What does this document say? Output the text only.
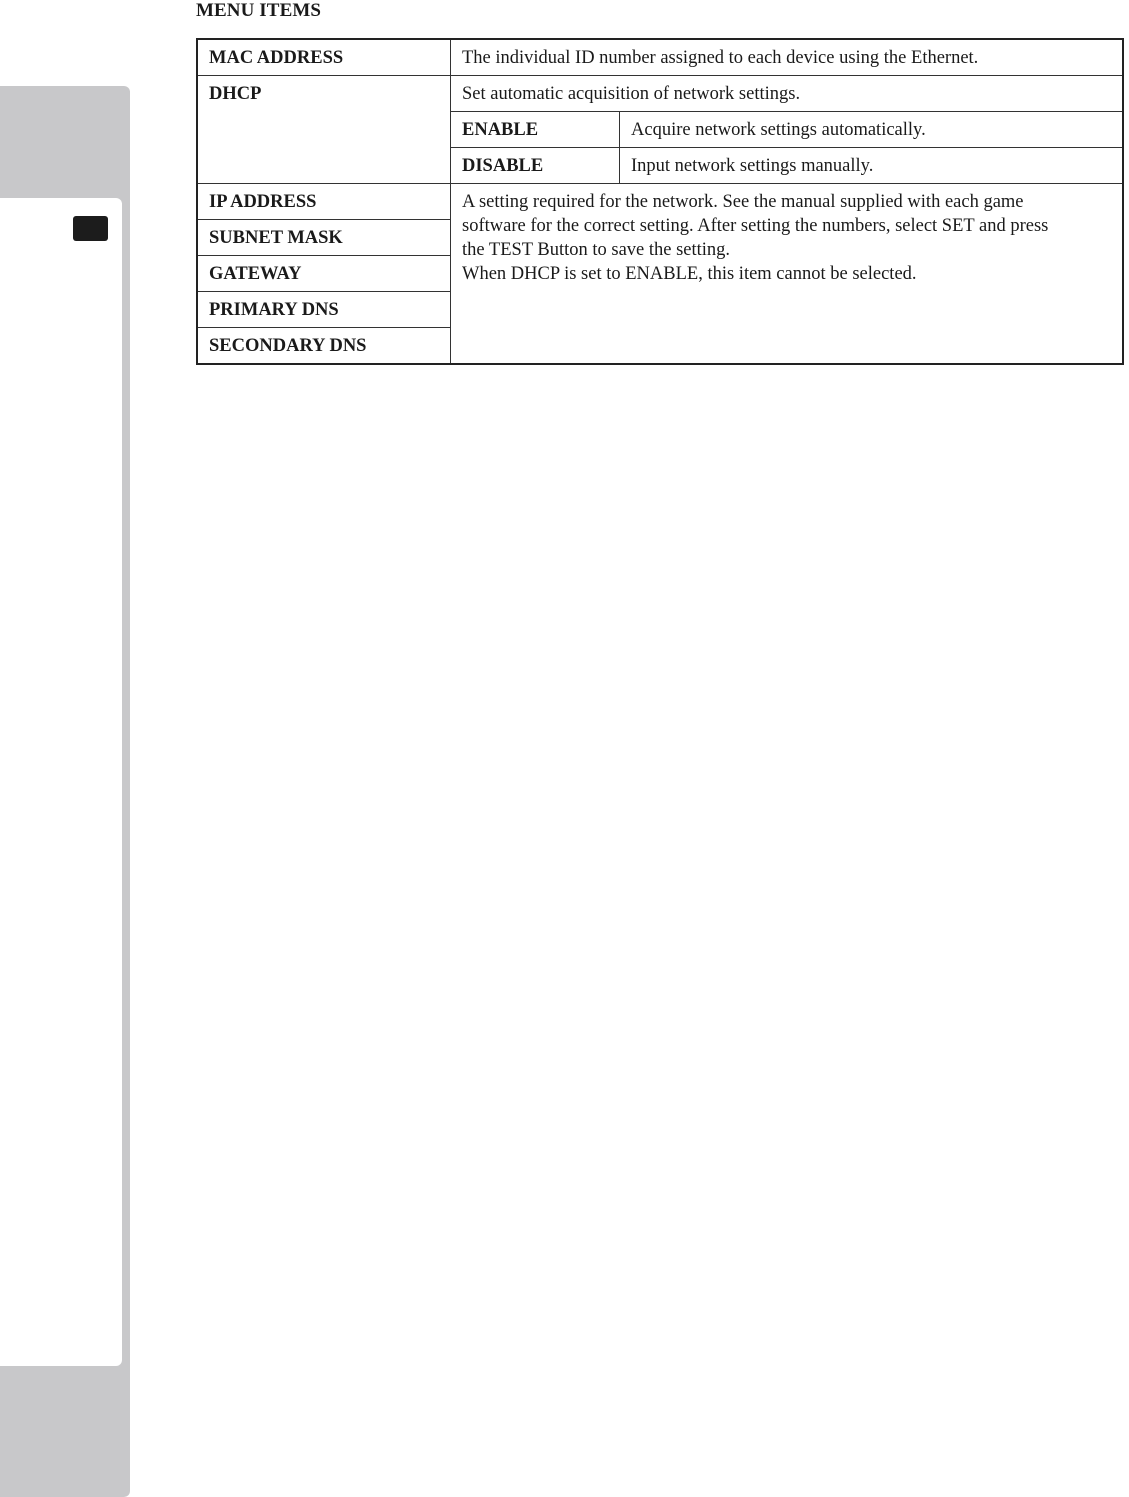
MENU ITEMS
MAC ADDRESS	The individual ID number assigned to each device using the Ethernet.	
DHCP	Set automatic acquisition of network settings.	
	ENABLE	Acquire network settings automatically.
	DISABLE	Input network settings manually.
IP ADDRESS	A setting required for the network. See the manual supplied with each game
software for the correct setting. After setting the numbers, select SET and press
the TEST Button to save the setting.
When DHCP is set to ENABLE, this item cannot be selected.	

SUBNET MASK		
GATEWAY		
PRIMARY DNS		
SECONDARY DNS		
